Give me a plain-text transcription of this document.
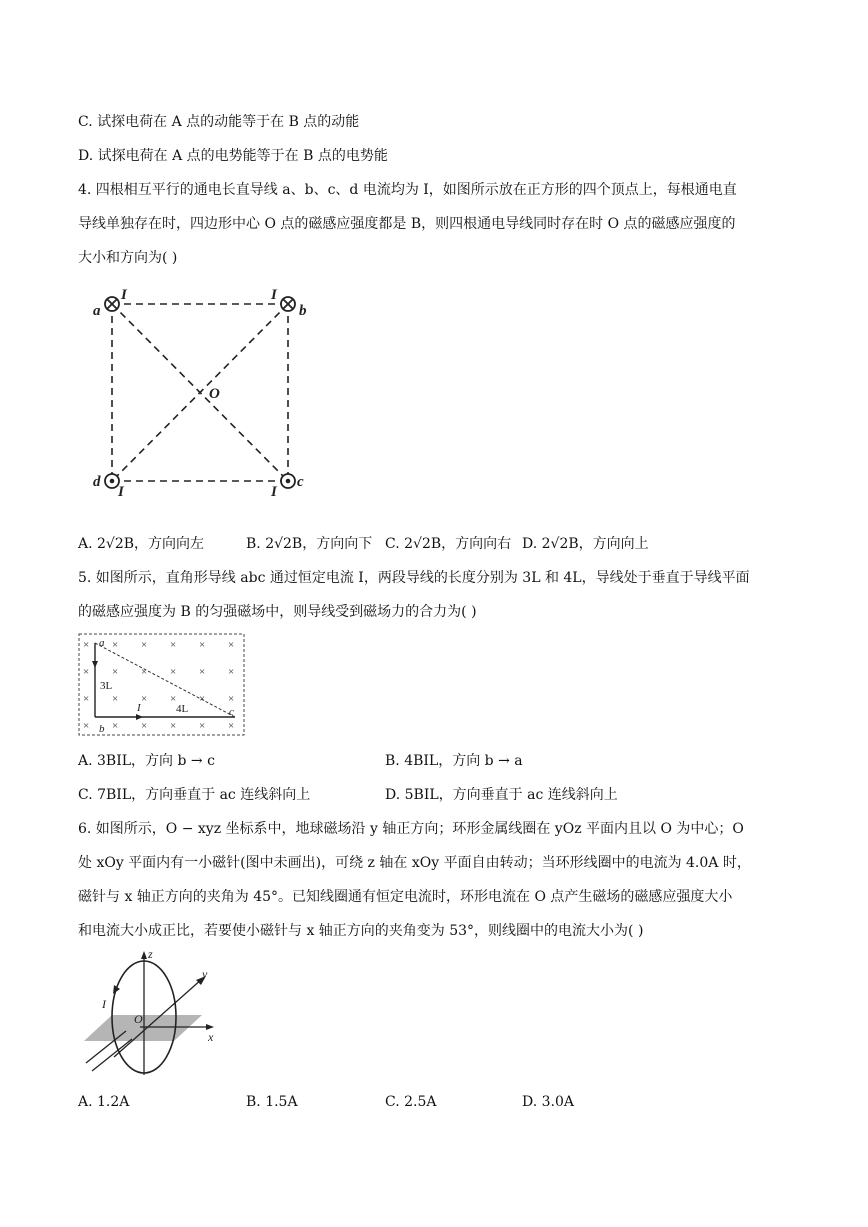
C. 试探电荷在 A 点的动能等于在 B 点的动能
D. 试探电荷在 A 点的电势能等于在 B 点的电势能
4. 四根相互平行的通电长直导线 a、b、c、d 电流均为 I，如图所示放在正方形的四个顶点上，每根通电直
导线单独存在时，四边形中心 O 点的磁感应强度都是 B，则四根通电导线同时存在时 O 点的磁感应强度的
大小和方向为( )
a
I	I
b
O
d
I	I
c
A. 2√2B，方向向左	B. 2√2B，方向向下 C. 2√2B，方向向右 D. 2√2B，方向向上
5. 如图所示，直角形导线 abc 通过恒定电流 I，两段导线的长度分别为 3L 和 4L，导线处于垂直于导线平面
的磁感应强度为 B 的匀强磁场中，则导线受到磁场力的合力为( )
× × × × × ×
× × × × × ×
× × × × × ×
× × × × × ×
a
b
c
3L
4L
I
A. 3BIL，方向 b → c	B. 4BIL，方向 b → a
C. 7BIL，方向垂直于 ac 连线斜向上	D. 5BIL，方向垂直于 ac 连线斜向上
6. 如图所示，O − xyz 坐标系中，地球磁场沿 y 轴正方向；环形金属线圈在 yOz 平面内且以 O 为中心；O
处 xOy 平面内有一小磁针(图中未画出)，可绕 z 轴在 xOy 平面自由转动；当环形线圈中的电流为 4.0A 时，
磁针与 x 轴正方向的夹角为 45°。已知线圈通有恒定电流时，环形电流在 O 点产生磁场的磁感应强度大小
和电流大小成正比，若要使小磁针与 x 轴正方向的夹角变为 53°，则线圈中的电流大小为( )
z
y
x
O
I
A. 1.2A	B. 1.5A	C. 2.5A	D. 3.0A
